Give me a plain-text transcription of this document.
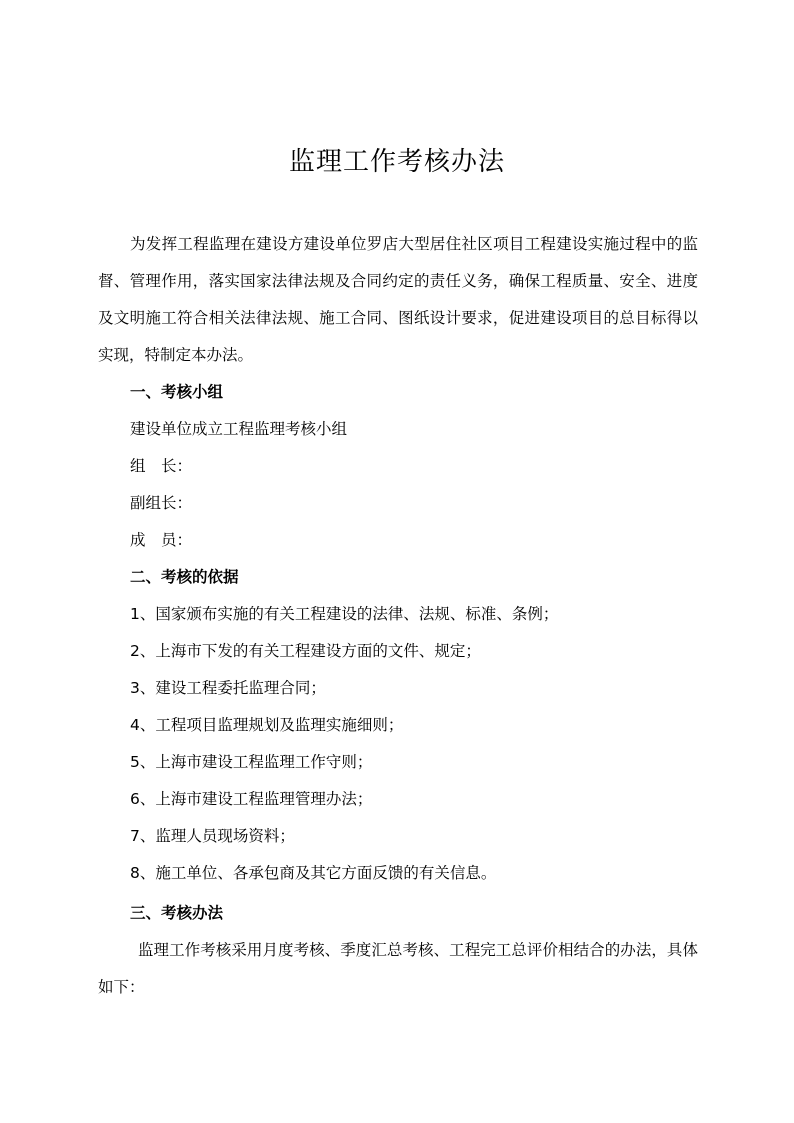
监理工作考核办法

为发挥工程监理在建设方建设单位罗店大型居住社区项目工程建设实施过程中的监督、管理作用，落实国家法律法规及合同约定的责任义务，确保工程质量、安全、进度及文明施工符合相关法律法规、施工合同、图纸设计要求，促进建设项目的总目标得以实现，特制定本办法。

一、考核小组

建设单位成立工程监理考核小组

组　长：

副组长：

成　员：

二、考核的依据

1、国家颁布实施的有关工程建设的法律、法规、标准、条例；

2、上海市下发的有关工程建设方面的文件、规定；

3、建设工程委托监理合同；

4、工程项目监理规划及监理实施细则；

5、上海市建设工程监理工作守则；

6、上海市建设工程监理管理办法；

7、监理人员现场资料；

8、施工单位、各承包商及其它方面反馈的有关信息。

三、考核办法

监理工作考核采用月度考核、季度汇总考核、工程完工总评价相结合的办法，具体如下：
